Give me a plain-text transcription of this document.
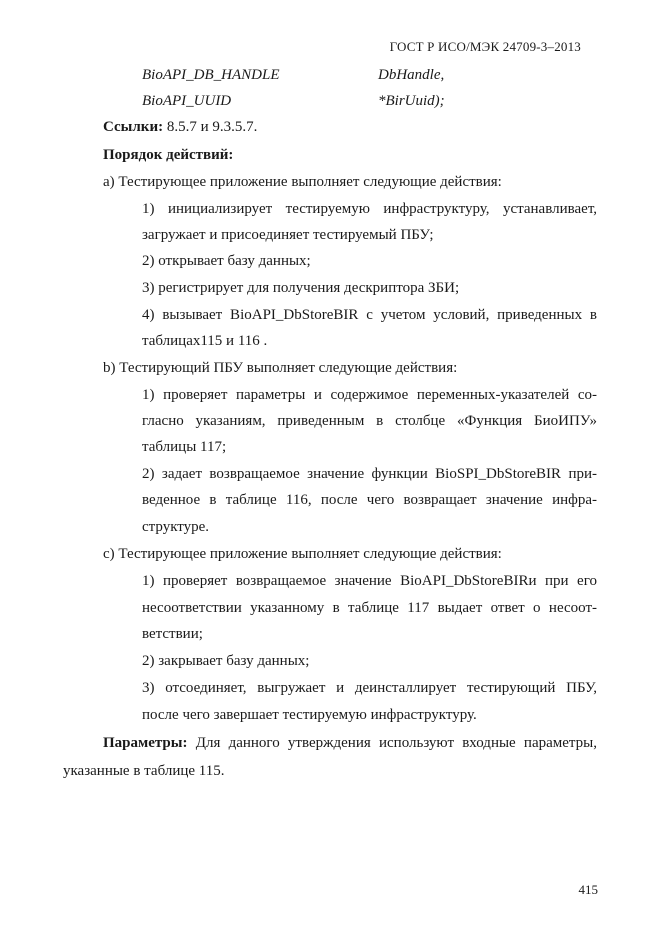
ГОСТ Р ИСО/МЭК 24709-3–2013
BioAPI_DB_HANDLE	DbHandle,
BioAPI_UUID	*BirUuid);
Ссылки: 8.5.7 и 9.3.5.7.
Порядок действий:
а) Тестирующее приложение выполняет следующие действия:
1) инициализирует тестируемую инфраструктуру, устанавливает,
загружает и присоединяет тестируемый ПБУ;
2) открывает базу данных;
3) регистрирует для получения дескриптора ЗБИ;
4) вызывает BioAPI_DbStoreBIR с учетом условий, приведенных в
таблицах115 и 116 .
b) Тестирующий ПБУ выполняет следующие действия:
1) проверяет параметры и содержимое переменных-указателей со-
гласно указаниям, приведенным в столбце «Функция БиоИПУ»
таблицы 117;
2) задает возвращаемое значение функции BioSPI_DbStoreBIR при-
веденное в таблице 116, после чего возвращает значение инфра-
структуре.
c) Тестирующее приложение выполняет следующие действия:
1) проверяет возвращаемое значение BioAPI_DbStoreBIRи при его
несоответствии указанному в таблице 117 выдает ответ о несоот-
ветствии;
2) закрывает базу данных;
3) отсоединяет, выгружает и деинсталлирует тестирующий ПБУ,
после чего завершает тестируемую инфраструктуру.
Параметры: Для данного утверждения используют входные параметры,
указанные в таблице 115.
415
